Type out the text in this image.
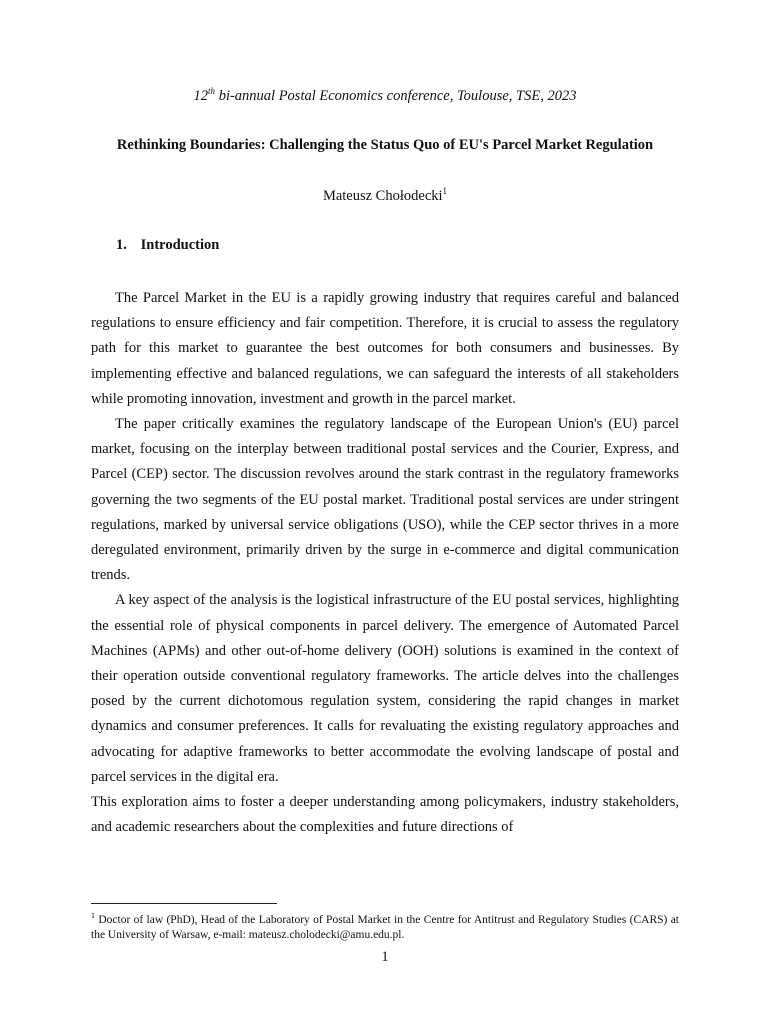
12th bi-annual Postal Economics conference, Toulouse, TSE, 2023
Rethinking Boundaries: Challenging the Status Quo of EU's Parcel Market Regulation
Mateusz Chołodecki$^1$
1. Introduction

The Parcel Market in the EU is a rapidly growing industry that requires careful and balanced regulations to ensure efficiency and fair competition. Therefore, it is crucial to assess the regulatory path for this market to guarantee the best outcomes for both consumers and businesses. By implementing effective and balanced regulations, we can safeguard the interests of all stakeholders while promoting innovation, investment and growth in the parcel market.

The paper critically examines the regulatory landscape of the European Union's (EU) parcel market, focusing on the interplay between traditional postal services and the Courier, Express, and Parcel (CEP) sector. The discussion revolves around the stark contrast in the regulatory frameworks governing the two segments of the EU postal market. Traditional postal services are under stringent regulations, marked by universal service obligations (USO), while the CEP sector thrives in a more deregulated environment, primarily driven by the surge in e-commerce and digital communication trends.

A key aspect of the analysis is the logistical infrastructure of the EU postal services, highlighting the essential role of physical components in parcel delivery. The emergence of Automated Parcel Machines (APMs) and other out-of-home delivery (OOH) solutions is examined in the context of their operation outside conventional regulatory frameworks. The article delves into the challenges posed by the current dichotomous regulation system, considering the rapid changes in market dynamics and consumer preferences. It calls for revaluating the existing regulatory approaches and advocating for adaptive frameworks to better accommodate the evolving landscape of postal and parcel services in the digital era.

This exploration aims to foster a deeper understanding among policymakers, industry stakeholders, and academic researchers about the complexities and future directions of

$^1$ Doctor of law (PhD), Head of the Laboratory of Postal Market in the Centre for Antitrust and Regulatory Studies (CARS) at the University of Warsaw, e-mail: mateusz.cholodecki@amu.edu.pl.
1
